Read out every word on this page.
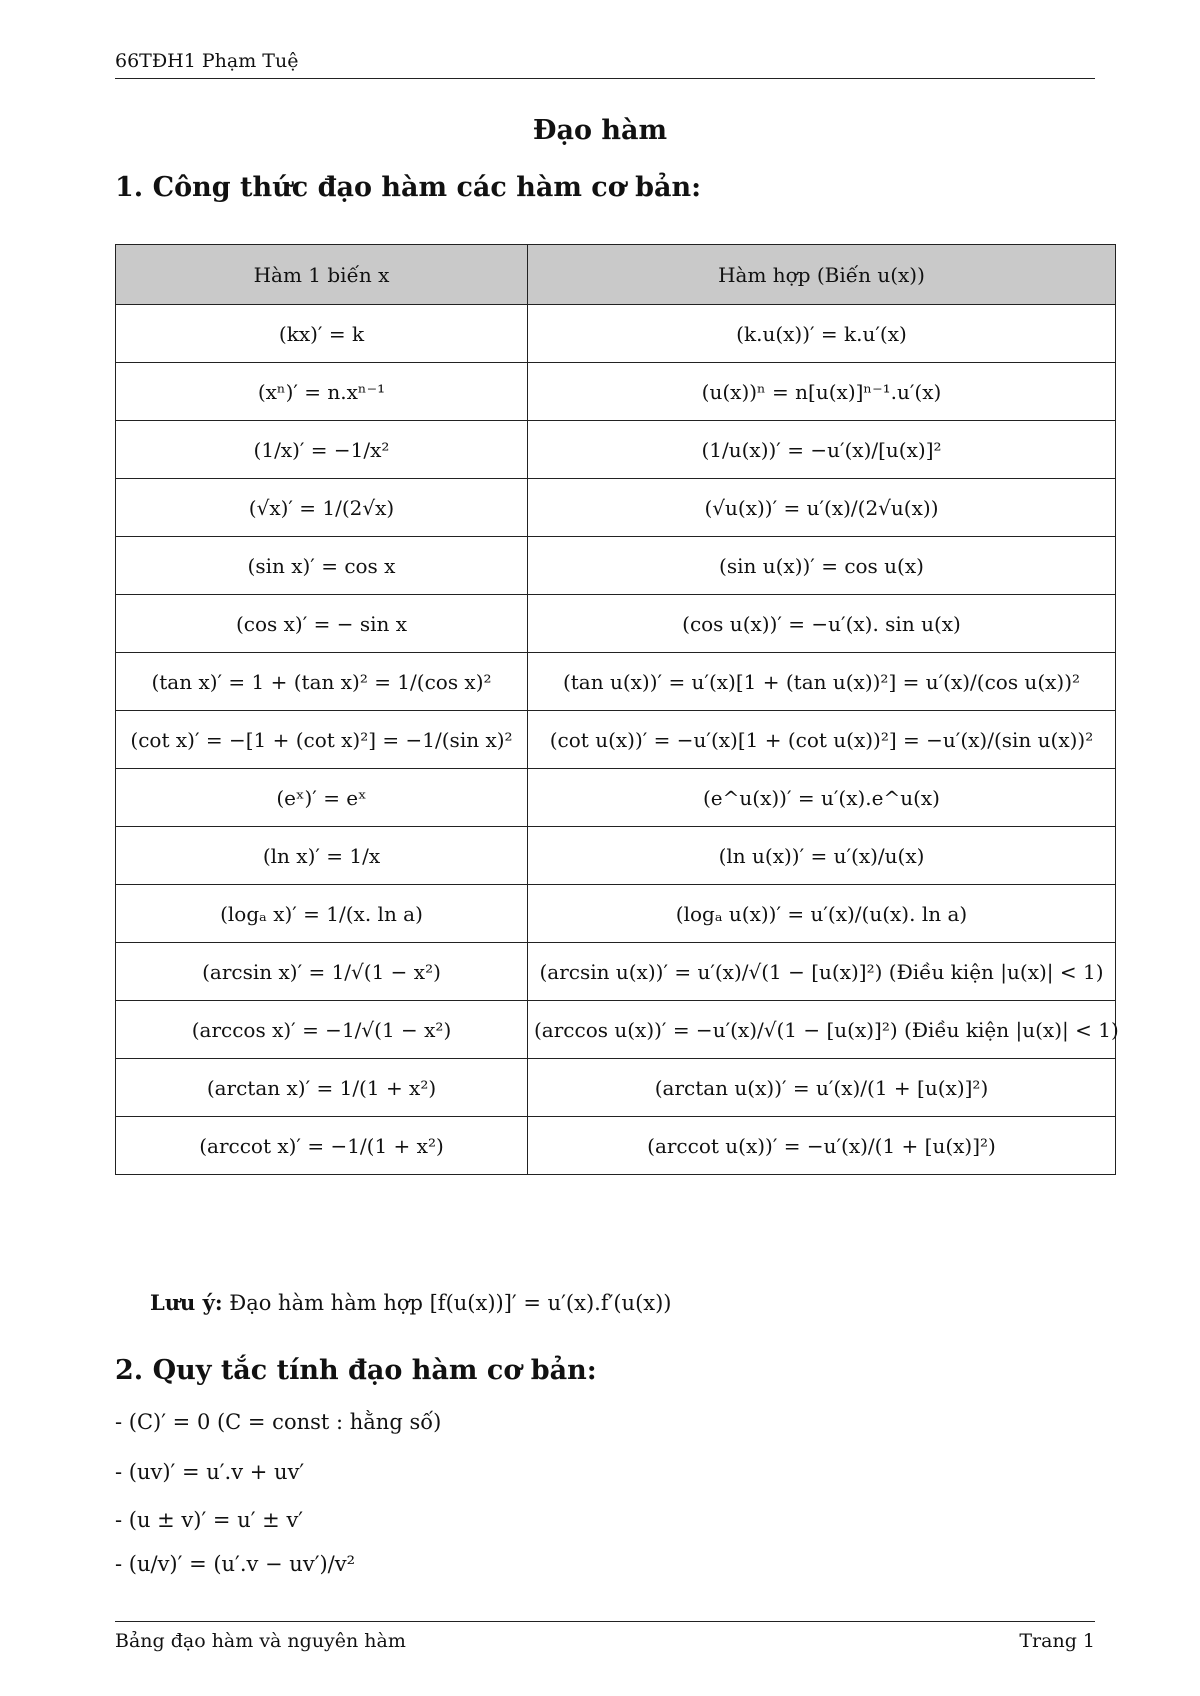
66TĐH1 Phạm Tuệ
Đạo hàm
1. Công thức đạo hàm các hàm cơ bản:
Hàm 1 biến x	Hàm hợp (Biến u(x))
(kx)′ = k	(k.u(x))′ = k.u′(x)
(xⁿ)′ = n.xⁿ⁻¹	(u(x))ⁿ = n[u(x)]ⁿ⁻¹.u′(x)
(1/x)′ = −1/x²	(1/u(x))′ = −u′(x)/[u(x)]²
(√x)′ = 1/(2√x)	(√u(x))′ = u′(x)/(2√u(x))
(sin x)′ = cos x	(sin u(x))′ = cos u(x)
(cos x)′ = − sin x	(cos u(x))′ = −u′(x). sin u(x)
(tan x)′ = 1 + (tan x)² = 1/(cos x)²	(tan u(x))′ = u′(x)[1 + (tan u(x))²] = u′(x)/(cos u(x))²
(cot x)′ = −[1 + (cot x)²] = −1/(sin x)²	(cot u(x))′ = −u′(x)[1 + (cot u(x))²] = −u′(x)/(sin u(x))²
(eˣ)′ = eˣ	(e^u(x))′ = u′(x).e^u(x)
(ln x)′ = 1/x	(ln u(x))′ = u′(x)/u(x)
(logₐ x)′ = 1/(x. ln a)	(logₐ u(x))′ = u′(x)/(u(x). ln a)
(arcsin x)′ = 1/√(1 − x²)	(arcsin u(x))′ = u′(x)/√(1 − [u(x)]²) (Điều kiện |u(x)| < 1)
(arccos x)′ = −1/√(1 − x²)	(arccos u(x))′ = −u′(x)/√(1 − [u(x)]²) (Điều kiện |u(x)| < 1)
(arctan x)′ = 1/(1 + x²)	(arctan u(x))′ = u′(x)/(1 + [u(x)]²)
(arccot x)′ = −1/(1 + x²)	(arccot u(x))′ = −u′(x)/(1 + [u(x)]²)
Lưu ý: Đạo hàm hàm hợp [f(u(x))]′ = u′(x).f′(u(x))
2. Quy tắc tính đạo hàm cơ bản:
- (C)′ = 0 (C = const : hằng số)
- (uv)′ = u′.v + uv′
- (u ± v)′ = u′ ± v′
- (u/v)′ = (u′.v − uv′)/v²
Bảng đạo hàm và nguyên hàm	Trang 1
